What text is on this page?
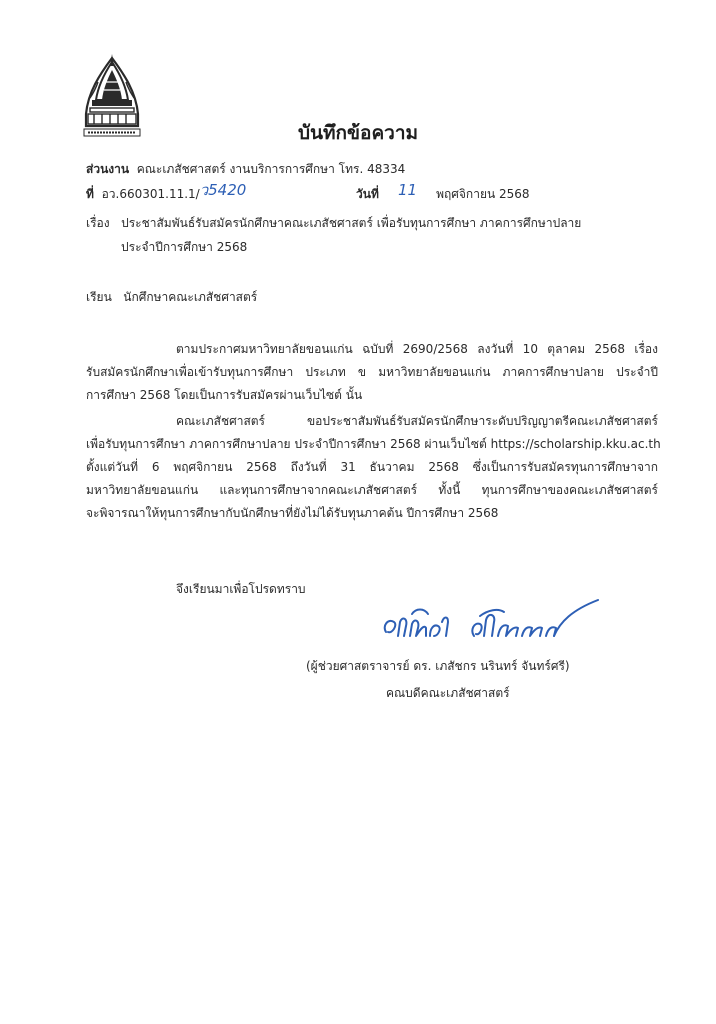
บันทึกข้อความ
ส่วนงาน คณะเภสัชศาสตร์ งานบริการการศึกษา โทร. 48334
ที่ อว.660301.11.1/ว5420	วันที่ 11 พฤศจิกายน 2568
เรื่อง ประชาสัมพันธ์รับสมัครนักศึกษาคณะเภสัชศาสตร์ เพื่อรับทุนการศึกษา ภาคการศึกษาปลาย
ประจำปีการศึกษา 2568
เรียน นักศึกษาคณะเภสัชศาสตร์
ตามประกาศมหาวิทยาลัยขอนแก่น ฉบับที่ 2690/2568 ลงวันที่ 10 ตุลาคม 2568 เรื่อง
รับสมัครนักศึกษาเพื่อเข้ารับทุนการศึกษา ประเภท ข มหาวิทยาลัยขอนแก่น ภาคการศึกษาปลาย ประจำปี
การศึกษา 2568 โดยเป็นการรับสมัครผ่านเว็บไซต์ นั้น
คณะเภสัชศาสตร์ ขอประชาสัมพันธ์รับสมัครนักศึกษาระดับปริญญาตรีคณะเภสัชศาสตร์
เพื่อรับทุนการศึกษา ภาคการศึกษาปลาย ประจำปีการศึกษา 2568 ผ่านเว็บไซต์ https://scholarship.kku.ac.th
ตั้งแต่วันที่ 6 พฤศจิกายน 2568 ถึงวันที่ 31 ธันวาคม 2568 ซึ่งเป็นการรับสมัครทุนการศึกษาจาก
มหาวิทยาลัยขอนแก่น และทุนการศึกษาจากคณะเภสัชศาสตร์ ทั้งนี้ ทุนการศึกษาของคณะเภสัชศาสตร์
จะพิจารณาให้ทุนการศึกษากับนักศึกษาที่ยังไม่ได้รับทุนภาคต้น ปีการศึกษา 2568
จึงเรียนมาเพื่อโปรดทราบ
(ผู้ช่วยศาสตราจารย์ ดร. เภสัชกร นรินทร์ จันทร์ศรี)
คณบดีคณะเภสัชศาสตร์
